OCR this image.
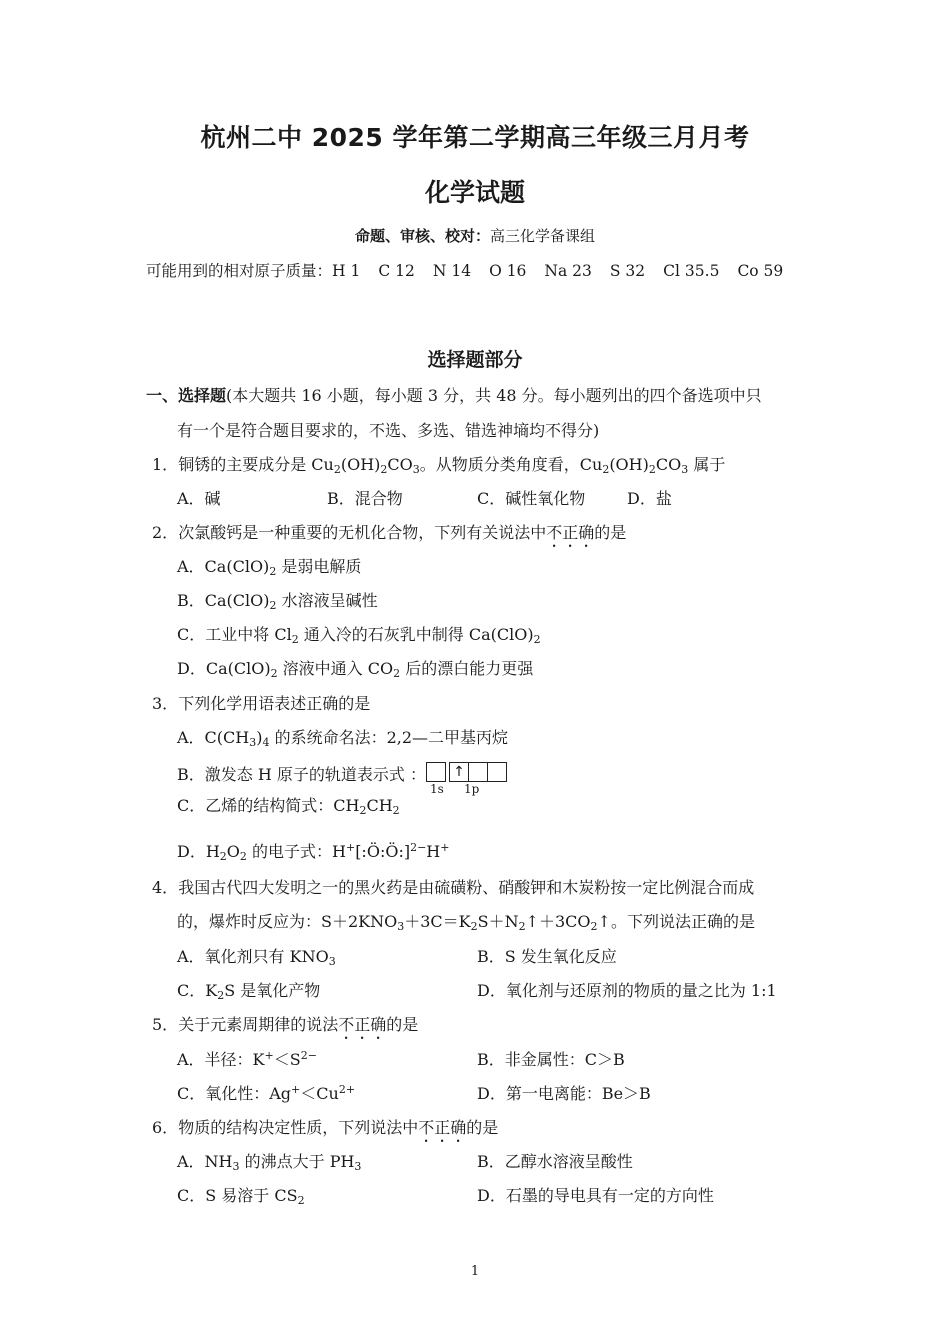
杭州二中 2025 学年第二学期高三年级三月月考
化学试题
命题、审核、校对：高三化学备课组
可能用到的相对原子质量：H 1 C 12 N 14 O 16 Na 23 S 32 Cl 35.5 Co 59
选择题部分
一、选择题(本大题共 16 小题，每小题 3 分，共 48 分。每小题列出的四个备选项中只
有一个是符合题目要求的，不选、多选、错选神墒均不得分)
1．铜锈的主要成分是 $Cu_2(OH)_2CO_3$。从物质分类角度看，$Cu_2(OH)_2CO_3$ 属于
A．碱	B．混合物	C．碱性氧化物	D．盐
2．次氯酸钙是一种重要的无机化合物，下列有关说法中不正确的是
A．$Ca(ClO)_2$ 是弱电解质
B．$Ca(ClO)_2$ 水溶液呈碱性
C．工业中将 $Cl_2$ 通入冷的石灰乳中制得 $Ca(ClO)_2$
D．$Ca(ClO)_2$ 溶液中通入 $CO_2$ 后的漂白能力更强
3．下列化学用语表述正确的是
A．$C(CH_3)_4$ 的系统命名法：2,2—二甲基丙烷
B．激发态 H 原子的轨道表示式 ： ↑
1s 1p
C．乙烯的结构简式：$CH_2CH_2$
D．$H_2O_2$ 的电子式：H+[:Ö:Ö:]$^{2-}$H+
4．我国古代四大发明之一的黑火药是由硫磺粉、硝酸钾和木炭粉按一定比例混合而成
的，爆炸时反应为：$S+2KNO_3+3C=K_2S+N_2↑+3CO_2↑$。下列说法正确的是
A．氧化剂只有 $KNO_3$	B．S 发生氧化反应
C．$K_2S$ 是氧化产物	D．氧化剂与还原剂的物质的量之比为 1:1
5．关于元素周期律的说法不正确的是
A．半径：$K^+<S^{2-}$	B．非金属性：C＞B
C．氧化性：$Ag^+<Cu^{2+}$	D．第一电离能：Be＞B
6．物质的结构决定性质，下列说法中不正确的是
A．$NH_3$ 的沸点大于 $PH_3$	B．乙醇水溶液呈酸性
C．S 易溶于 $CS_2$	D．石墨的导电具有一定的方向性
1
